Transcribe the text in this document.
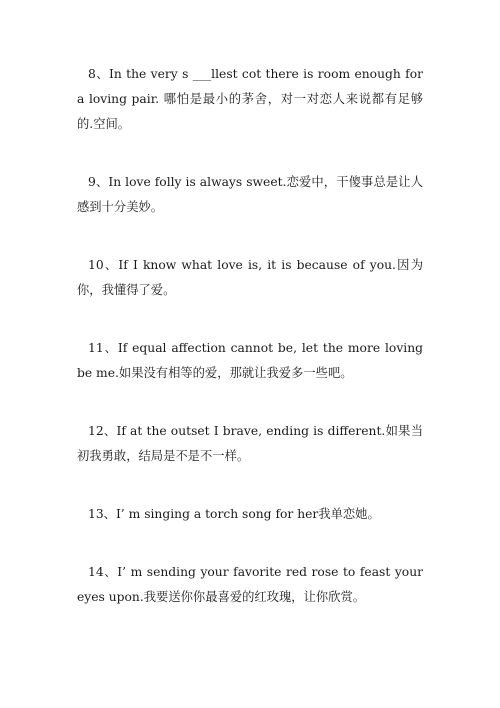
8、In the very s ___llest cot there is room enough for a loving pair. 哪怕是最小的茅舍，对一对恋人来说都有足够的.空间。

9、In love folly is always sweet.恋爱中，干傻事总是让人感到十分美妙。

10、If I know what love is, it is because of you.因为你，我懂得了爱。

11、If equal affection cannot be, let the more loving be me.如果没有相等的爱，那就让我爱多一些吧。

12、If at the outset I brave, ending is different.如果当初我勇敢，结局是不是不一样。

13、I’ m singing a torch song for her我单恋她。

14、I’ m sending your favorite red rose to feast your eyes upon.我要送你你最喜爱的红玫瑰，让你欣赏。
